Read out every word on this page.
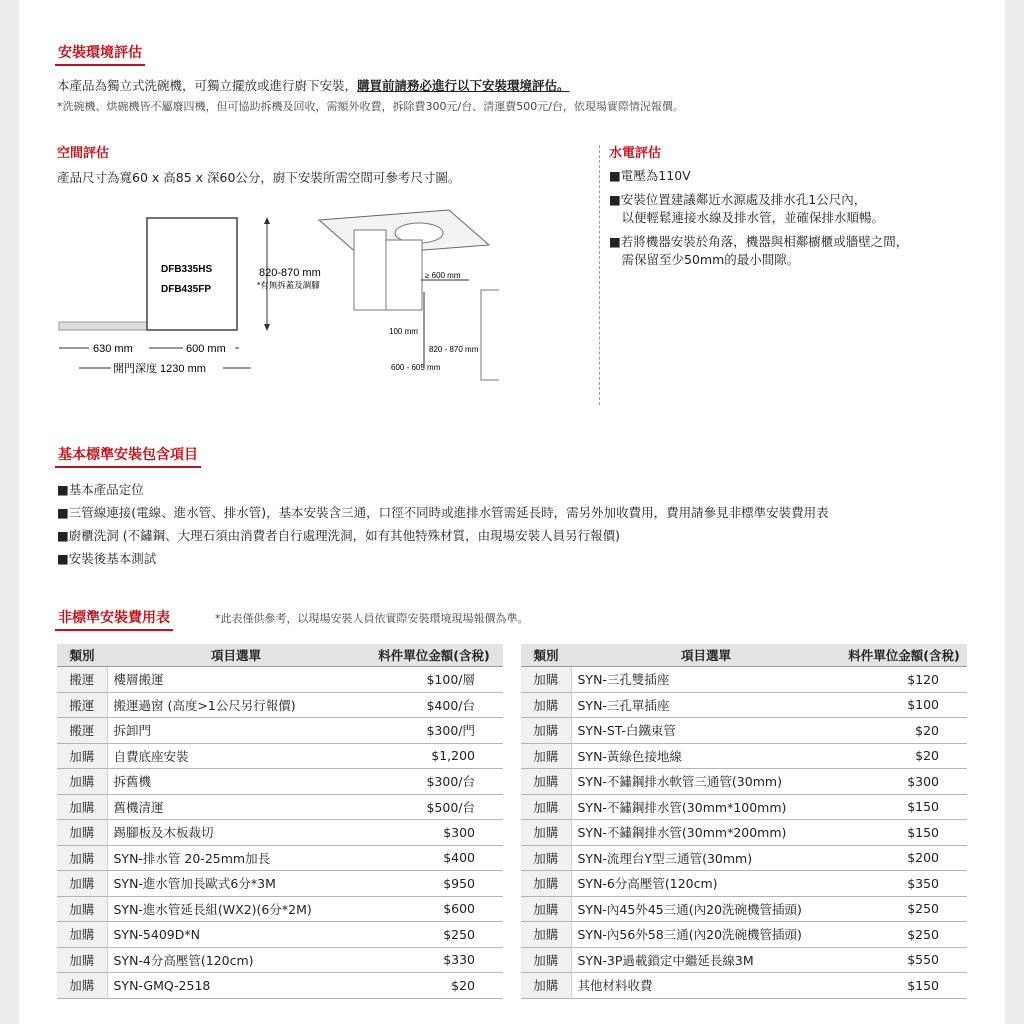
安裝環境評估
本產品為獨立式洗碗機，可獨立擺放或進行廚下安裝，購買前請務必進行以下安裝環境評估。
*洗碗機、烘碗機皆不屬廢四機，但可協助拆機及回收，需額外收費，拆除費300元/台、清運費500元/台，依現場實際情況報價。
空間評估
產品尺寸為寬60 x 高85 x 深60公分，廚下安裝所需空間可參考尺寸圖。
DFB335HS
DFB435FP
820-870 mm
*有無拆蓋及調腳
630 mm	600 mm
開門深度 1230 mm
≥ 600 mm
100 mm
820 - 870 mm
600 - 605 mm
水電評估
■電壓為110V
■安裝位置建議鄰近水源處及排水孔1公尺內，
　以便輕鬆連接水線及排水管，並確保排水順暢。
■若將機器安裝於角落，機器與相鄰櫥櫃或牆壁之間，
　需保留至少50mm的最小間隙。
基本標準安裝包含項目
■基本產品定位
■三管線連接(電線、進水管、排水管)，基本安裝含三通，口徑不同時或進排水管需延長時，需另外加收費用，費用請參見非標準安裝費用表
■廚櫃洗洞 (不鏽鋼、大理石須由消費者自行處理洗洞，如有其他特殊材質，由現場安裝人員另行報價)
■安裝後基本測試
非標準安裝費用表	*此表僅供參考，以現場安裝人員依實際安裝環境現場報價為準。
類別	項目選單	料件單位金額(含稅)
搬運	樓層搬運	$100/層
搬運	搬運過窗 (高度>1公尺另行報價)	$400/台
搬運	拆卸門	$300/門
加購	自費底座安裝	$1,200
加購	拆舊機	$300/台
加購	舊機清運	$500/台
加購	踢腳板及木板裁切	$300
加購	SYN-排水管 20-25mm加長	$400
加購	SYN-進水管加長歐式6分*3M	$950
加購	SYN-進水管延長組(WX2)(6分*2M)	$600
加購	SYN-5409D*N	$250
加購	SYN-4分高壓管(120cm)	$330
加購	SYN-GMQ-2518	$20
類別	項目選單	料件單位金額(含稅)
加購	SYN-三孔雙插座	$120
加購	SYN-三孔單插座	$100
加購	SYN-ST-白鐵束管	$20
加購	SYN-黃綠色接地線	$20
加購	SYN-不鏽鋼排水軟管三通管(30mm)	$300
加購	SYN-不鏽鋼排水管(30mm*100mm)	$150
加購	SYN-不鏽鋼排水管(30mm*200mm)	$150
加購	SYN-流理台Y型三通管(30mm)	$200
加購	SYN-6分高壓管(120cm)	$350
加購	SYN-內45外45三通(內20洗碗機管插頭)	$250
加購	SYN-內56外58三通(內20洗碗機管插頭)	$250
加購	SYN-3P過載鎖定中繼延長線3M	$550
加購	其他材料收費	$150
